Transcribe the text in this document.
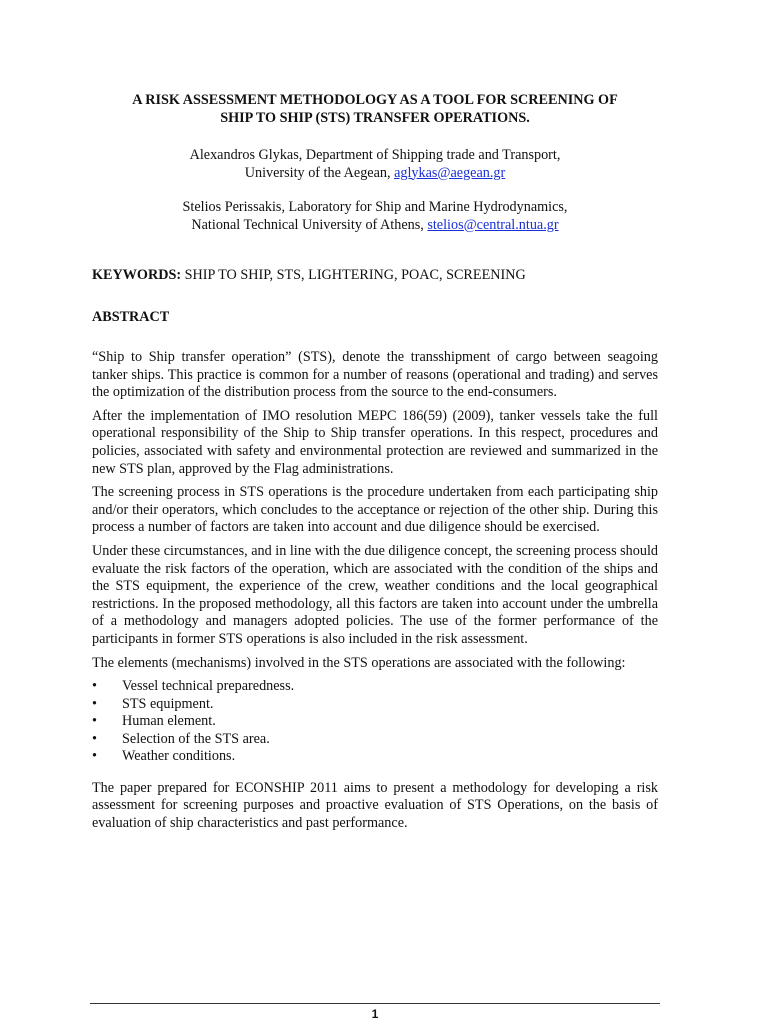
A RISK ASSESSMENT METHODOLOGY AS A TOOL FOR SCREENING OF
SHIP TO SHIP (STS) TRANSFER OPERATIONS.

Alexandros Glykas, Department of Shipping trade and Transport,
University of the Aegean, aglykas@aegean.gr

Stelios Perissakis, Laboratory for Ship and Marine Hydrodynamics,
National Technical University of Athens, stelios@central.ntua.gr

KEYWORDS: SHIP TO SHIP, STS, LIGHTERING, POAC, SCREENING

ABSTRACT

“Ship to Ship transfer operation” (STS), denote the transshipment of cargo between seagoing tanker ships. This practice is common for a number of reasons (operational and trading) and serves the optimization of the distribution process from the source to the end-consumers.

After the implementation of IMO resolution MEPC 186(59) (2009), tanker vessels take the full operational responsibility of the Ship to Ship transfer operations. In this respect, procedures and policies, associated with safety and environmental protection are reviewed and summarized in the new STS plan, approved by the Flag administrations.

The screening process in STS operations is the procedure undertaken from each participating ship and/or their operators, which concludes to the acceptance or rejection of the other ship. During this process a number of factors are taken into account and due diligence should be exercised.

Under these circumstances, and in line with the due diligence concept, the screening process should evaluate the risk factors of the operation, which are associated with the condition of the ships and the STS equipment, the experience of the crew, weather conditions and the local geographical restrictions. In the proposed methodology, all this factors are taken into account under the umbrella of a methodology and managers adopted policies. The use of the former performance of the participants in former STS operations is also included in the risk assessment.

The elements (mechanisms) involved in the STS operations are associated with the following:

• Vessel technical preparedness.
• STS equipment.
• Human element.
• Selection of the STS area.
• Weather conditions.

The paper prepared for ECONSHIP 2011 aims to present a methodology for developing a risk assessment for screening purposes and proactive evaluation of STS Operations, on the basis of evaluation of ship characteristics and past performance.

1
